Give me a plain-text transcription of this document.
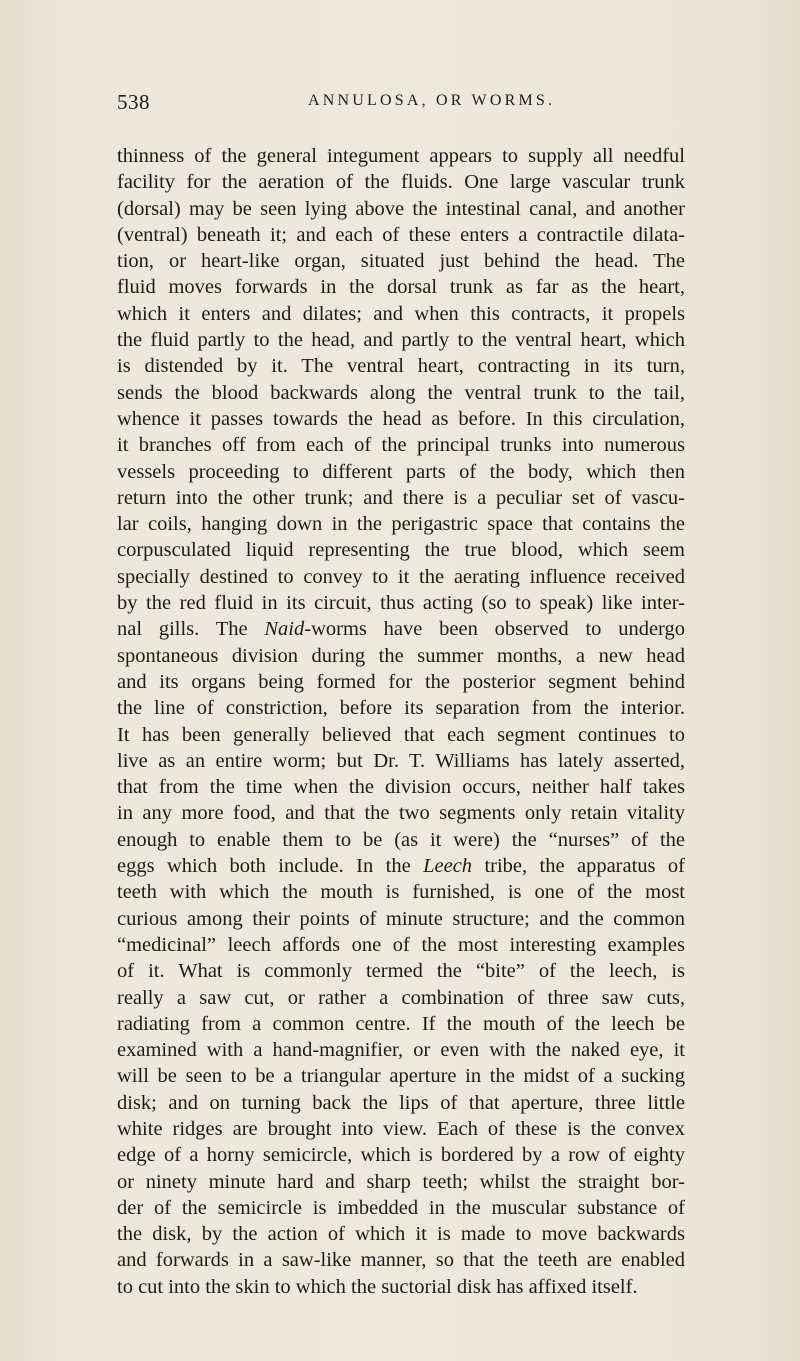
538	ANNULOSA, OR WORMS.
thinness of the general integument appears to supply all needful
facility for the aeration of the fluids. One large vascular trunk
(dorsal) may be seen lying above the intestinal canal, and another
(ventral) beneath it; and each of these enters a contractile dilata-
tion, or heart-like organ, situated just behind the head. The
fluid moves forwards in the dorsal trunk as far as the heart,
which it enters and dilates; and when this contracts, it propels
the fluid partly to the head, and partly to the ventral heart, which
is distended by it. The ventral heart, contracting in its turn,
sends the blood backwards along the ventral trunk to the tail,
whence it passes towards the head as before. In this circulation,
it branches off from each of the principal trunks into numerous
vessels proceeding to different parts of the body, which then
return into the other trunk; and there is a peculiar set of vascu-
lar coils, hanging down in the perigastric space that contains the
corpusculated liquid representing the true blood, which seem
specially destined to convey to it the aerating influence received
by the red fluid in its circuit, thus acting (so to speak) like inter-
nal gills. The Naid-worms have been observed to undergo
spontaneous division during the summer months, a new head
and its organs being formed for the posterior segment behind
the line of constriction, before its separation from the interior.
It has been generally believed that each segment continues to
live as an entire worm; but Dr. T. Williams has lately asserted,
that from the time when the division occurs, neither half takes
in any more food, and that the two segments only retain vitality
enough to enable them to be (as it were) the “nurses” of the
eggs which both include. In the Leech tribe, the apparatus of
teeth with which the mouth is furnished, is one of the most
curious among their points of minute structure; and the common
“medicinal” leech affords one of the most interesting examples
of it. What is commonly termed the “bite” of the leech, is
really a saw cut, or rather a combination of three saw cuts,
radiating from a common centre. If the mouth of the leech be
examined with a hand-magnifier, or even with the naked eye, it
will be seen to be a triangular aperture in the midst of a sucking
disk; and on turning back the lips of that aperture, three little
white ridges are brought into view. Each of these is the convex
edge of a horny semicircle, which is bordered by a row of eighty
or ninety minute hard and sharp teeth; whilst the straight bor-
der of the semicircle is imbedded in the muscular substance of
the disk, by the action of which it is made to move backwards
and forwards in a saw-like manner, so that the teeth are enabled
to cut into the skin to which the suctorial disk has affixed itself.
